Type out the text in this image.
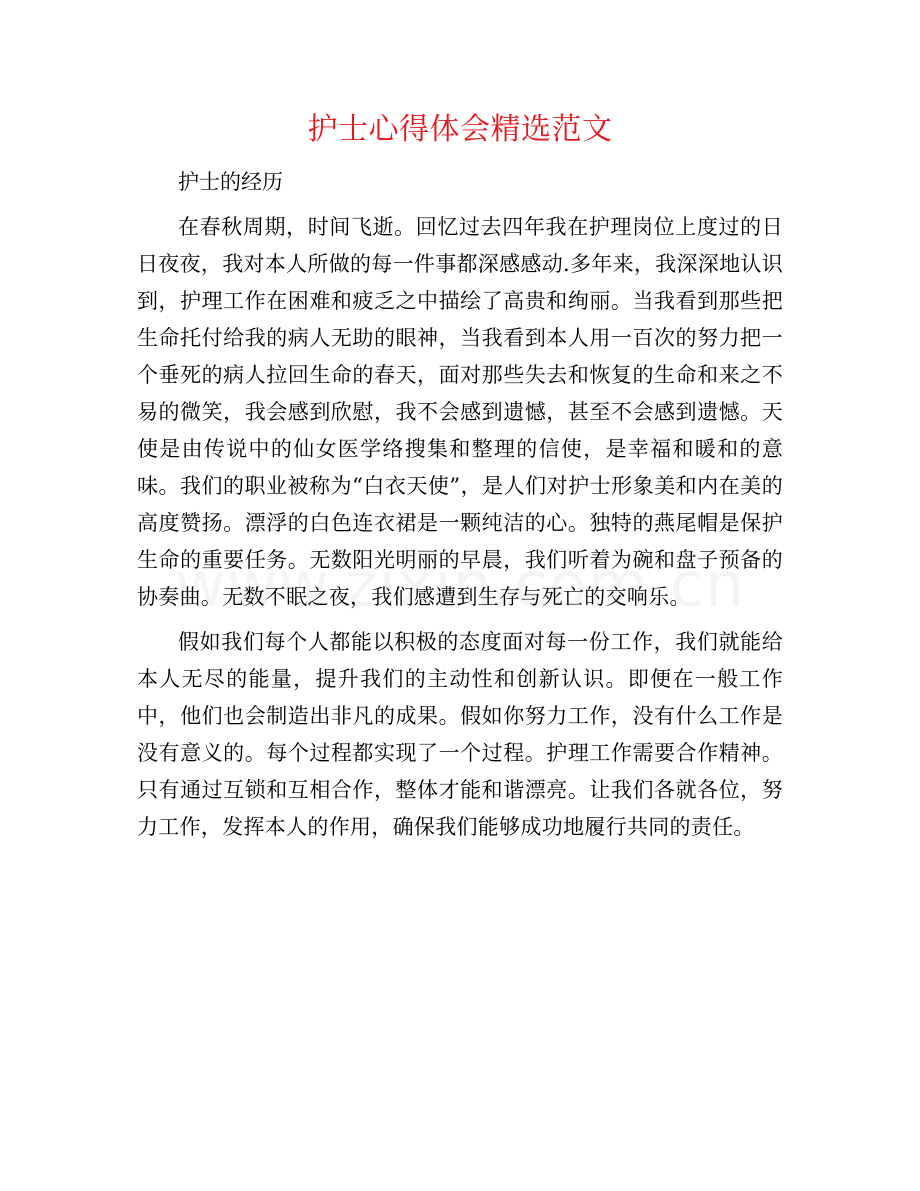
护士心得体会精选范文

护士的经历

在春秋周期，时间飞逝。回忆过去四年我在护理岗位上度过的日日夜夜，我对本人所做的每一件事都深感感动.多年来，我深深地认识到，护理工作在困难和疲乏之中描绘了高贵和绚丽。当我看到那些把生命托付给我的病人无助的眼神，当我看到本人用一百次的努力把一个垂死的病人拉回生命的春天，面对那些失去和恢复的生命和来之不易的微笑，我会感到欣慰，我不会感到遗憾，甚至不会感到遗憾。天使是由传说中的仙女医学络搜集和整理的信使，是幸福和暖和的意味。我们的职业被称为“白衣天使”，是人们对护士形象美和内在美的高度赞扬。漂浮的白色连衣裙是一颗纯洁的心。独特的燕尾帽是保护生命的重要任务。无数阳光明丽的早晨，我们听着为碗和盘子预备的协奏曲。无数不眠之夜，我们感遭到生存与死亡的交响乐。

假如我们每个人都能以积极的态度面对每一份工作，我们就能给本人无尽的能量，提升我们的主动性和创新认识。即便在一般工作中，他们也会制造出非凡的成果。假如你努力工作，没有什么工作是没有意义的。每个过程都实现了一个过程。护理工作需要合作精神。只有通过互锁和互相合作，整体才能和谐漂亮。让我们各就各位，努力工作，发挥本人的作用，确保我们能够成功地履行共同的责任。
